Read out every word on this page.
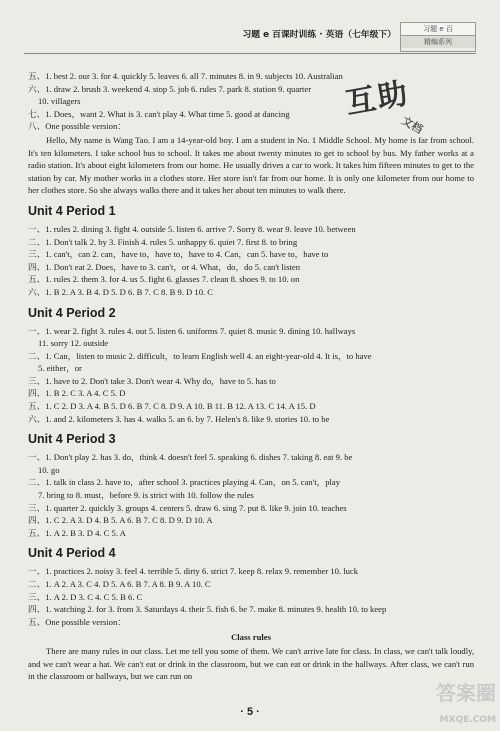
习题 e 百课时训练 · 英语（七年级下）
习题 e 百
精编系列
五、1. best 2. our 3. for 4. quickly 5. leaves 6. all 7. minutes 8. in 9. subjects 10. Australian
六、1. draw 2. brush 3. weekend 4. stop 5. job 6. rules 7. park 8. station 9. quarter
10. villagers
七、1. Does，want 2. What is 3. can't play 4. What time 5. good at dancing
八、One possible version：
Hello, My name is Wang Tao. I am a 14-year-old boy. I am a student in No. 1 Middle School. My home is far from school. It's ten kilometers. I take school bus to school. It takes me about twenty minutes to get to school by bus. My father works at a radio station. It's about eight kilometers from our home. He usually drives a car to work. It takes him fifteen minutes to get to the station by car. My mother works in a clothes store. Her store isn't far from our home. It is only one kilometer from our home to her clothes store. So she always walks there and it takes her about ten minutes to walk there.
Unit 4 Period 1
一、1. rules 2. dining 3. fight 4. outside 5. listen 6. arrive 7. Sorry 8. wear 9. leave 10. between
二、1. Don't talk 2. by 3. Finish 4. rules 5. unhappy 6. quiet 7. first 8. to bring
三、1. can't，can 2. can，have to，have to，have to 4. Can，can 5. have to，have to
四、1. Don't eat 2. Does，have to 3. can't，or 4. What，do，do 5. can't listen
五、1. rules 2. them 3. for 4. us 5. fight 6. glasses 7. clean 8. shoes 9. to 10. on
六、1. B 2. A 3. B 4. D 5. D 6. B 7. C 8. B 9. D 10. C
Unit 4 Period 2
一、1. wear 2. fight 3. rules 4. out 5. listen 6. uniforms 7. quiet 8. music 9. dining 10. hallways
11. sorry 12. outside
二、1. Can，listen to music 2. difficult，to learn English well 4. an eight-year-old 4. It is，to have
5. either，or
三、1. have to 2. Don't take 3. Don't wear 4. Why do，have to 5. has to
四、1. B 2. C 3. A 4. C 5. D
五、1. C 2. D 3. A 4. B 5. D 6. B 7. C 8. D 9. A 10. B 11. B 12. A 13. C 14. A 15. D
六、1. and 2. kilometers 3. has 4. walks 5. an 6. by 7. Helen's 8. like 9. stories 10. to be
Unit 4 Period 3
一、1. Don't play 2. has 3. do，think 4. doesn't feel 5. speaking 6. dishes 7. taking 8. eat 9. be
10. go
二、1. talk in class 2. have to，after school 3. practices playing 4. Can，on 5. can't，play
7. bring to 8. must，before 9. is strict with 10. follow the rules
三、1. quarter 2. quickly 3. groups 4. centers 5. draw 6. sing 7. put 8. like 9. join 10. teaches
四、1. C 2. A 3. D 4. B 5. A 6. B 7. C 8. D 9. D 10. A
五、1. A 2. B 3. D 4. C 5. A
Unit 4 Period 4
一、1. practices 2. noisy 3. feel 4. terrible 5. dirty 6. strict 7. keep 8. relax 9. remember 10. luck
二、1. A 2. A 3. C 4. D 5. A 6. B 7. A 8. B 9. A 10. C
三、1. A 2. D 3. C 4. C 5. B 6. C
四、1. watching 2. for 3. from 3. Saturdays 4. their 5. fish 6. be 7. make 8. minutes 9. health 10. to keep
五、One possible version：
Class rules
There are many rules in our class. Let me tell you some of them. We can't arrive late for class. In class, we can't talk loudly, and we can't wear a hat. We can't eat or drink in the classroom, but we can eat or drink in the hallways. After class, we can't run in the classroom or hallways, but we can run on
互助
文档
· 5 ·
答案圈
MXQE.COM
